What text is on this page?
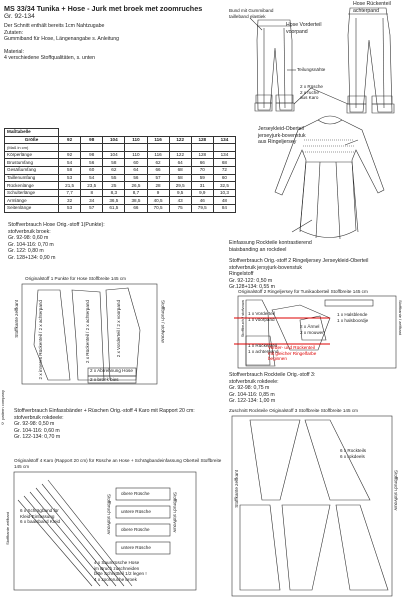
MS 33/34 Tunika + Hose - Jurk met broek met zoomruches
Gr. 92-134
Der Schnitt enthält bereits 1cm Nahtzugabe
Zutaten:
Gummiband für Hose, Längenangabe s. Anleitung
Material:
4 verschiedene Stoffqualitäten, s. unten
Bund mit Gummiband
tailleband elastiek
Hose Vorderteil
voorpand
Hose Rückenteil
achterpand
Teilungsnähte
2 x Rüsche
2 x ruche
aus Karo
Jerseykleid-Oberteil
jerseyjurk-bovenstuk
aus Ringeljersey
Einfassung Rockteile kontrastierend
biaisbanding an rockdeel
Maßtabelle								
Größe	92	98	104	110	116	122	128	134
(Maß in cm)								
Körperlänge	92	98	104	110	116	122	128	134
Brustumfang	54	56	58	60	62	64	66	68
Gesäßumfang	58	60	62	64	66	68	70	72
Taillenumfang	53	54	55	56	57	58	59	60
Rückenlänge	21,5	23,5	25	26,5	28	29,5	31	32,5
Schulterlänge	7,7	8	8,3	8,7	9	9,5	9,9	10,3
Armlänge	32	34	36,5	38,5	40,5	43	46	48
Seitenlänge	53	57	61,5	66	70,5	75	79,5	84
Stoffverbrauch Hose Orig.-stoff 1(Punkte):
stofverbruik broek:
Gr. 92-98: 0,60 m
Gr. 104-116: 0,70 m
Gr. 122: 0,80 m
Gr. 128+134: 0,90 m
Originalstoff 1 Punkte für Hose Stoffbreite 145 cm
2 x inneres Rückenteil / 2 x achterpand
2 x Rückenteil / 2 x achterpand
2 x Vorderteil / 2 x voorpand
2 x Abtrehnung Hose
2 x broek bies
Stoffkante zelfkant	Stoffbruch / stofvouw
Stoffverbrauch Orig.-stoff 2 Ringeljersey Jerseykleid-Oberteil
stofverbruik jersyjurk-bovenstuk
Ringelstoff
Gr. 92-122: 0,50 m
Gr.128+134: 0,55 m
Originalstoff 2 Ringeljersey für Tunikaoberteil Stoffbreite 145 cm
1 x Vorderteil
1 x voorpand
1 x Rückenteil
1 x achterpand
1 x Halsblende
1 x halsboordje
2 x Ärmel
2 x mouwen
Vorder- und Rückenteil
mit gleicher Ringelfarbe
beginnen
Stoffbruch / stofvouw	Stoffkante / zelfkant
Stoffverbrauch Rockteile Orig.-stoff 3:
stofverbruik rokdeele:
Gr. 92-98: 0,75 m
Gr. 104-116: 0,85 m
Gr. 122-134: 1,00 m
Zuschnitt Rockteile Originalstoff 3 Stoffbreite Stoffbreite 145 cm
6 x Rockteils
6 x rokdeels
Stoffkante zelfkant	Stoffbruch stofvouw
Stoffverbrauch Einfassbänder + Rüschen Orig.-stoff 4 Karo mit Rapport 20 cm:
stofverbruik rokdeele:
Gr. 92-98: 0,50 m
Gr. 104-116: 0,60 m
Gr. 122-134: 0,70 m
Originalstoff 4 Karo (Rapport 20 cm) für Rüsche an Hose + Schrägbandeinfassung Oberteil Stoffbreite 145 cm
6 x Schrägband für
Kleid-Einfassung
6 x baaisband Kleid
obere Rüsche
untere Rüsche
obere Rüsche
untere Rüsche
4 x Saumrüsche Hose
im Bruch zuschneiden
bitte Schnittteil 1/2 legen !
4 x zoomruche broek
Stoffkante zelfkant	Stoffbruch stofvouw	Stoffbruch stofvouw
© pattern company
